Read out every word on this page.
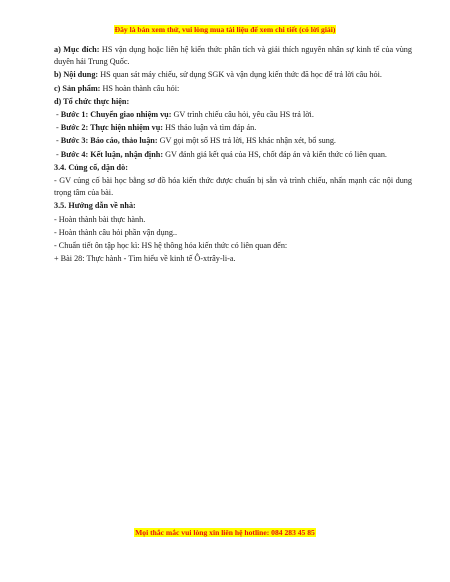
Đây là bản xem thử, vui lòng mua tài liệu để xem chi tiết (có lời giải)

a) Mục đích: HS vận dụng hoặc liên hệ kiến thức phân tích và giải thích nguyên nhân sự kinh tế của vùng duyên hải Trung Quốc.

b) Nội dung: HS quan sát máy chiếu, sử dụng SGK và vận dụng kiến thức đã học để trả lời câu hỏi.

c) Sản phẩm: HS hoàn thành câu hỏi:

d) Tổ chức thực hiện:

- Bước 1: Chuyển giao nhiệm vụ: GV trình chiếu câu hỏi, yêu cầu HS trả lời.

- Bước 2: Thực hiện nhiệm vụ: HS thảo luận và tìm đáp án.

- Bước 3: Báo cáo, thảo luận: GV gọi một số HS trả lời, HS khác nhận xét, bổ sung.

- Bước 4: Kết luận, nhận định: GV đánh giá kết quả của HS, chốt đáp án và kiến thức có liên quan.

3.4. Củng cố, dặn dò:

- GV củng cố bài học bằng sơ đồ hóa kiến thức được chuẩn bị sẵn và trình chiếu, nhấn mạnh các nội dung trọng tâm của bài.

3.5. Hướng dẫn về nhà:

- Hoàn thành bài thực hành.

- Hoàn thành câu hỏi phần vận dụng..

- Chuẩn tiết ôn tập học kì: HS hệ thông hóa kiến thức có liên quan đến:

+ Bài 28: Thực hành - Tìm hiểu về kinh tế Ô-xtrây-li-a.

Mọi thắc mắc vui lòng xin liên hệ hotline: 084 283 45 85
